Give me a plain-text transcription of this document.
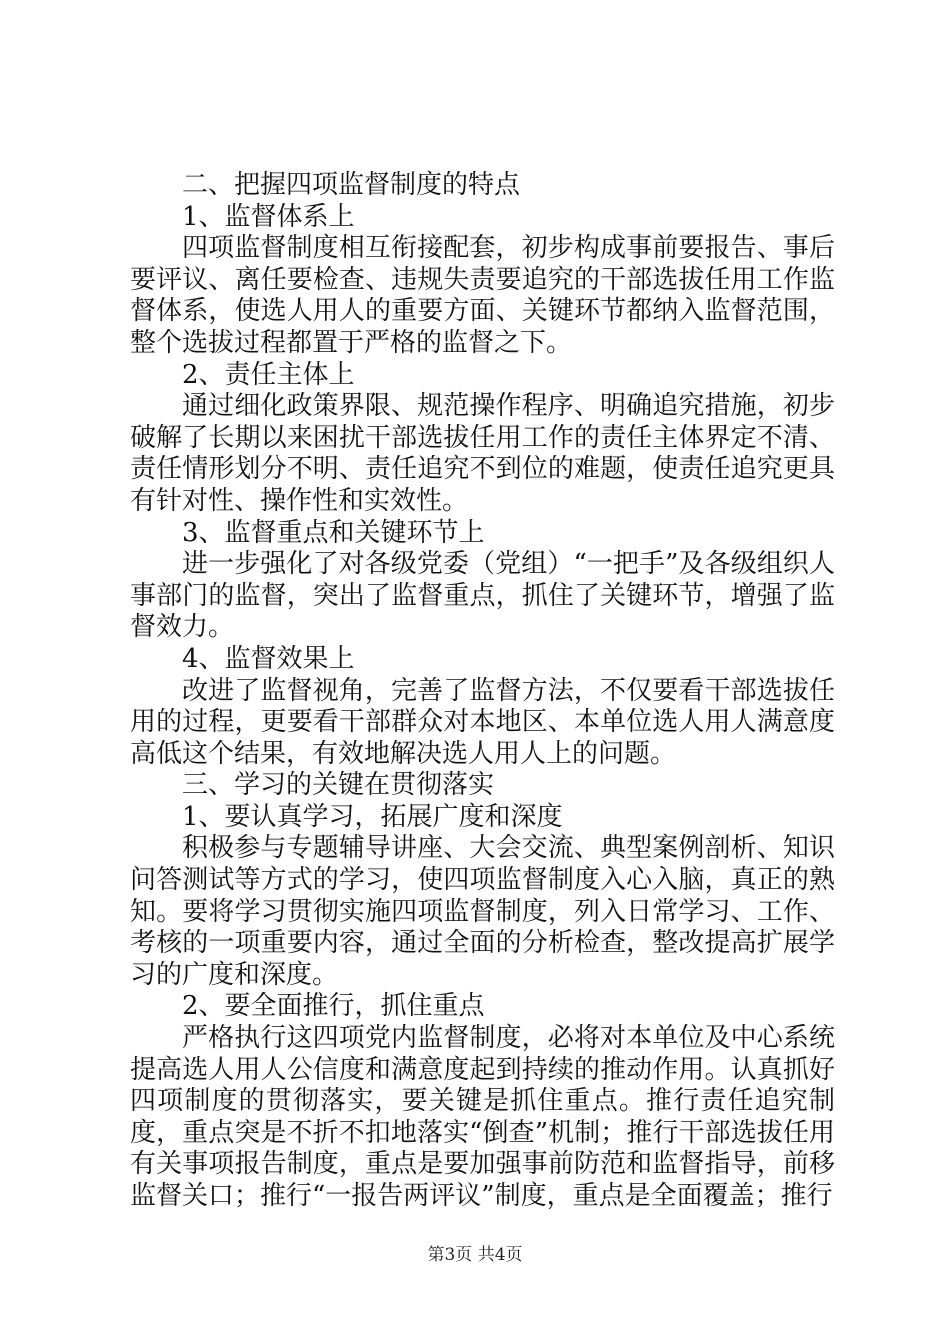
二、把握四项监督制度的特点

1、监督体系上

四项监督制度相互衔接配套，初步构成事前要报告、事后要评议、离任要检查、违规失责要追究的干部选拔任用工作监督体系，使选人用人的重要方面、关键环节都纳入监督范围，整个选拔过程都置于严格的监督之下。

2、责任主体上

通过细化政策界限、规范操作程序、明确追究措施，初步破解了长期以来困扰干部选拔任用工作的责任主体界定不清、责任情形划分不明、责任追究不到位的难题，使责任追究更具有针对性、操作性和实效性。

3、监督重点和关键环节上

进一步强化了对各级党委（党组）“一把手”及各级组织人事部门的监督，突出了监督重点，抓住了关键环节，增强了监督效力。

4、监督效果上

改进了监督视角，完善了监督方法，不仅要看干部选拔任用的过程，更要看干部群众对本地区、本单位选人用人满意度高低这个结果，有效地解决选人用人上的问题。

三、学习的关键在贯彻落实

1、要认真学习，拓展广度和深度

积极参与专题辅导讲座、大会交流、典型案例剖析、知识问答测试等方式的学习，使四项监督制度入心入脑，真正的熟知。要将学习贯彻实施四项监督制度，列入日常学习、工作、考核的一项重要内容，通过全面的分析检查，整改提高扩展学习的广度和深度。

2、要全面推行，抓住重点

严格执行这四项党内监督制度，必将对本单位及中心系统提高选人用人公信度和满意度起到持续的推动作用。认真抓好四项制度的贯彻落实，要关键是抓住重点。推行责任追究制度，重点突是不折不扣地落实“倒查”机制；推行干部选拔任用有关事项报告制度，重点是要加强事前防范和监督指导，前移监督关口；推行“一报告两评议”制度，重点是全面覆盖；推行

第3页 共4页
